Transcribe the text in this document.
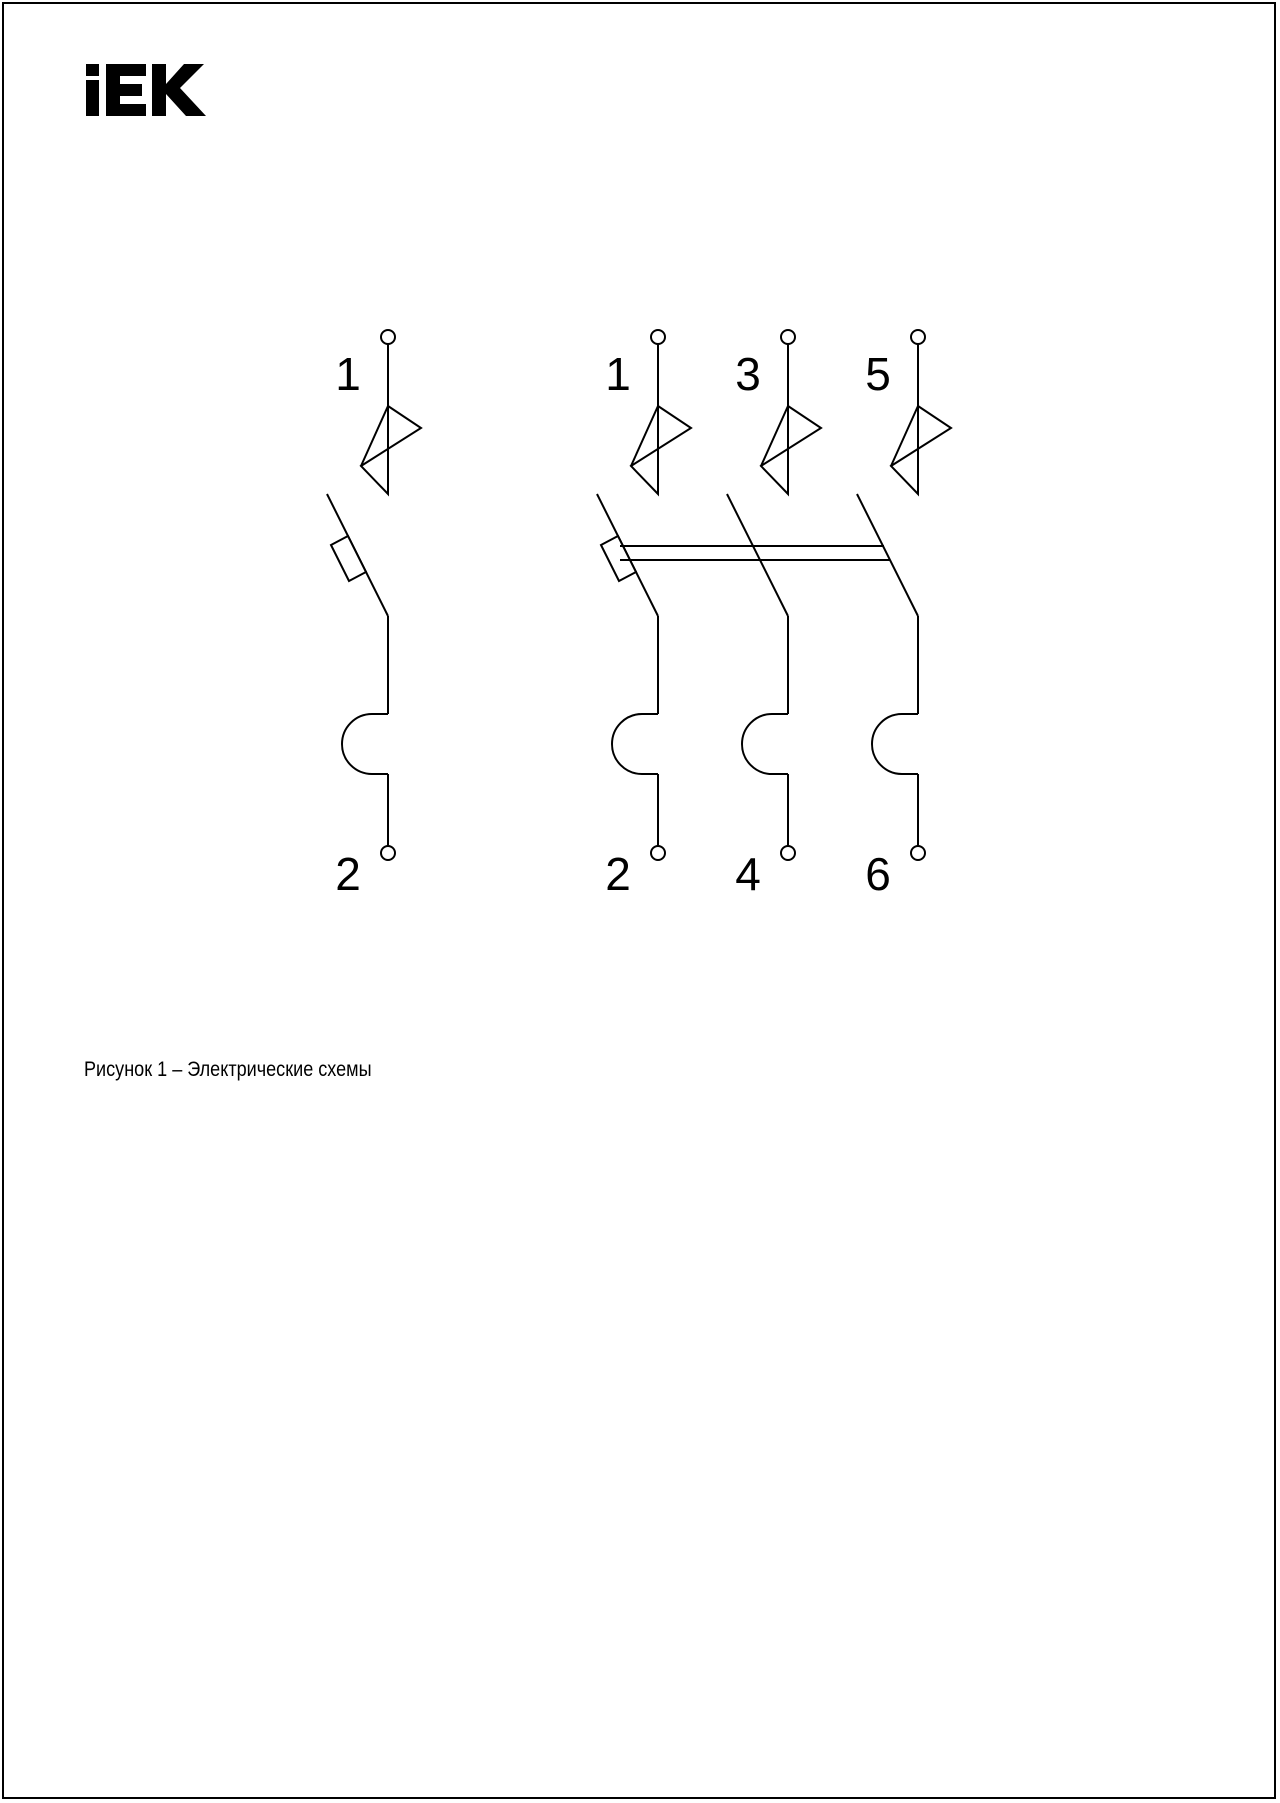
1
2
1
2
3
4
5
6
Рисунок 1 – Электрические схемы
